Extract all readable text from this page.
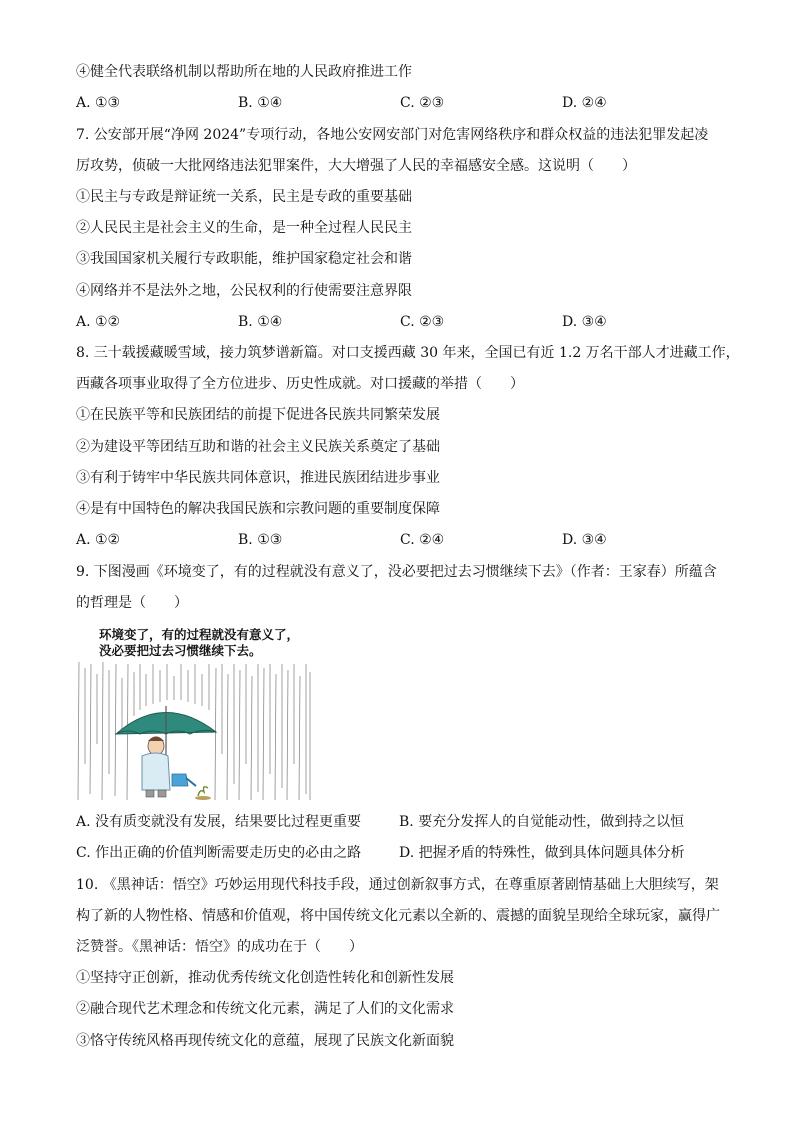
④健全代表联络机制以帮助所在地的人民政府推进工作
A. ①③	B. ①④	C. ②③	D. ②④
7. 公安部开展“净网 2024”专项行动，各地公安网安部门对危害网络秩序和群众权益的违法犯罪发起凌
厉攻势，侦破一大批网络违法犯罪案件，大大增强了人民的幸福感安全感。这说明（　　）
①民主与专政是辩证统一关系，民主是专政的重要基础
②人民民主是社会主义的生命，是一种全过程人民民主
③我国国家机关履行专政职能，维护国家稳定社会和谐
④网络并不是法外之地，公民权利的行使需要注意界限
A. ①②	B. ①④	C. ②③	D. ③④
8. 三十载援藏暖雪域，接力筑梦谱新篇。对口支援西藏 30 年来，全国已有近 1.2 万名干部人才进藏工作，
西藏各项事业取得了全方位进步、历史性成就。对口援藏的举措（　　）
①在民族平等和民族团结的前提下促进各民族共同繁荣发展
②为建设平等团结互助和谐的社会主义民族关系奠定了基础
③有利于铸牢中华民族共同体意识，推进民族团结进步事业
④是有中国特色的解决我国民族和宗教问题的重要制度保障
A. ①②	B. ①③	C. ②④	D. ③④
9. 下图漫画《环境变了，有的过程就没有意义了，没必要把过去习惯继续下去》（作者：王家春）所蕴含
的哲理是（　　）
环境变了，有的过程就没有意义了，
没必要把过去习惯继续下去。
A. 没有质变就没有发展，结果要比过程更重要	B. 要充分发挥人的自觉能动性，做到持之以恒
C. 作出正确的价值判断需要走历史的必由之路	D. 把握矛盾的特殊性，做到具体问题具体分析
10. 《黑神话：悟空》巧妙运用现代科技手段，通过创新叙事方式，在尊重原著剧情基础上大胆续写，架
构了新的人物性格、情感和价值观，将中国传统文化元素以全新的、震撼的面貌呈现给全球玩家，赢得广
泛赞誉。《黑神话：悟空》的成功在于（　　）
①坚持守正创新，推动优秀传统文化创造性转化和创新性发展
②融合现代艺术理念和传统文化元素，满足了人们的文化需求
③恪守传统风格再现传统文化的意蕴，展现了民族文化新面貌
